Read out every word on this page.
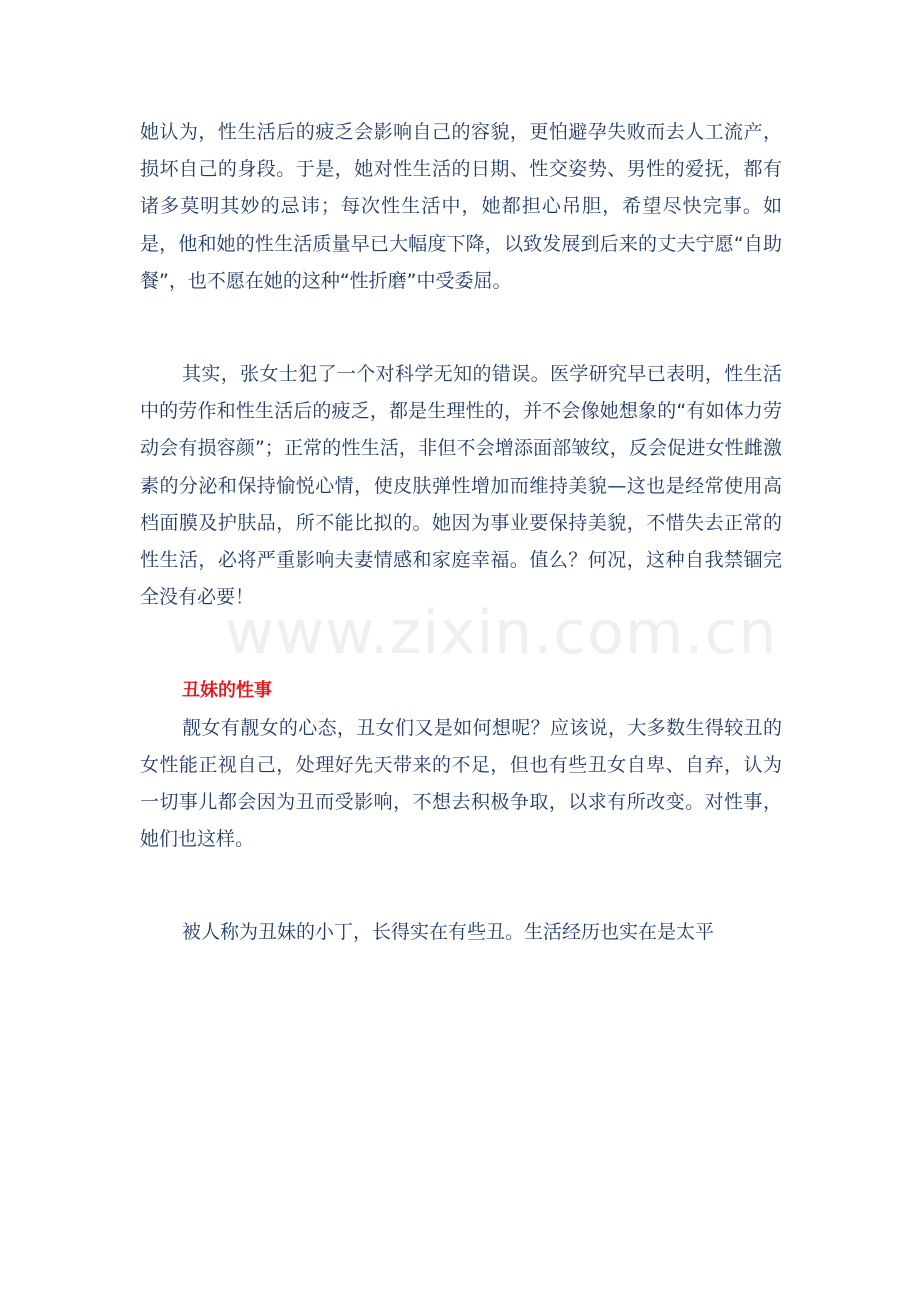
她认为，性生活后的疲乏会影响自己的容貌，更怕避孕失败而去人工流产，损坏自己的身段。于是，她对性生活的日期、性交姿势、男性的爱抚，都有诸多莫明其妙的忌讳；每次性生活中，她都担心吊胆，希望尽快完事。如是，他和她的性生活质量早已大幅度下降，以致发展到后来的丈夫宁愿“自助餐”，也不愿在她的这种“性折磨”中受委屈。

其实，张女士犯了一个对科学无知的错误。医学研究早已表明，性生活中的劳作和性生活后的疲乏，都是生理性的，并不会像她想象的“有如体力劳动会有损容颜”；正常的性生活，非但不会增添面部皱纹，反会促进女性雌激素的分泌和保持愉悦心情，使皮肤弹性增加而维持美貌—这也是经常使用高档面膜及护肤品，所不能比拟的。她因为事业要保持美貌，不惜失去正常的性生活，必将严重影响夫妻情感和家庭幸福。值么？何况，这种自我禁锢完全没有必要！

丑妹的性事

靓女有靓女的心态，丑女们又是如何想呢？应该说，大多数生得较丑的女性能正视自己，处理好先天带来的不足，但也有些丑女自卑、自弃，认为一切事儿都会因为丑而受影响，不想去积极争取，以求有所改变。对性事，她们也这样。

被人称为丑妹的小丁，长得实在有些丑。生活经历也实在是太平

www.zixin.com.cn
